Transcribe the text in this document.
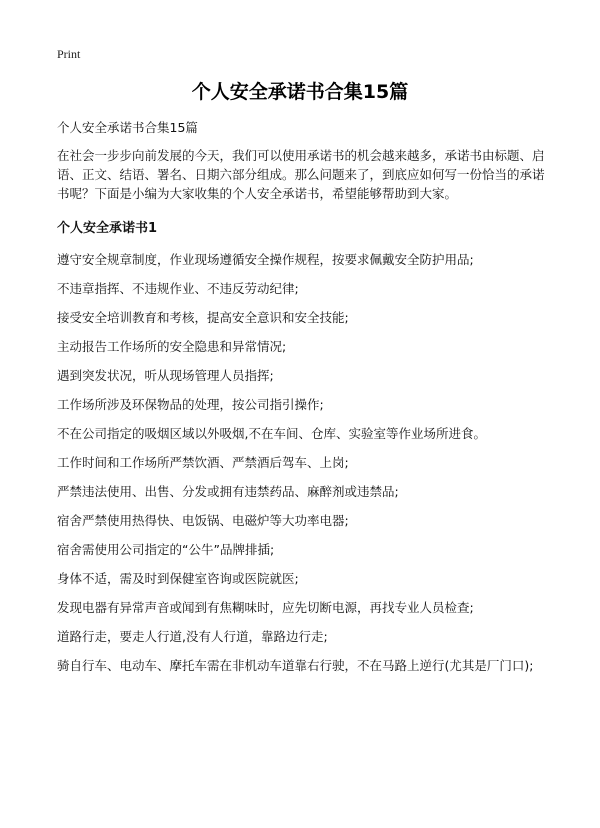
Print
个人安全承诺书合集15篇

个人安全承诺书合集15篇

在社会一步步向前发展的今天，我们可以使用承诺书的机会越来越多，承诺书由标题、启语、正文、结语、署名、日期六部分组成。那么问题来了，到底应如何写一份恰当的承诺书呢？下面是小编为大家收集的个人安全承诺书，希望能够帮助到大家。

个人安全承诺书1

遵守安全规章制度，作业现场遵循安全操作规程，按要求佩戴安全防护用品;
不违章指挥、不违规作业、不违反劳动纪律;
接受安全培训教育和考核，提高安全意识和安全技能;
主动报告工作场所的安全隐患和异常情况;
遇到突发状况，听从现场管理人员指挥;
工作场所涉及环保物品的处理，按公司指引操作;
不在公司指定的吸烟区域以外吸烟,不在车间、仓库、实验室等作业场所进食。
工作时间和工作场所严禁饮酒、严禁酒后驾车、上岗;
严禁违法使用、出售、分发或拥有违禁药品、麻醉剂或违禁品;
宿舍严禁使用热得快、电饭锅、电磁炉等大功率电器;
宿舍需使用公司指定的“公牛”品牌排插;
身体不适，需及时到保健室咨询或医院就医;
发现电器有异常声音或闻到有焦糊味时，应先切断电源，再找专业人员检查;
道路行走，要走人行道,没有人行道，靠路边行走;
骑自行车、电动车、摩托车需在非机动车道靠右行驶，不在马路上逆行(尤其是厂门口);
